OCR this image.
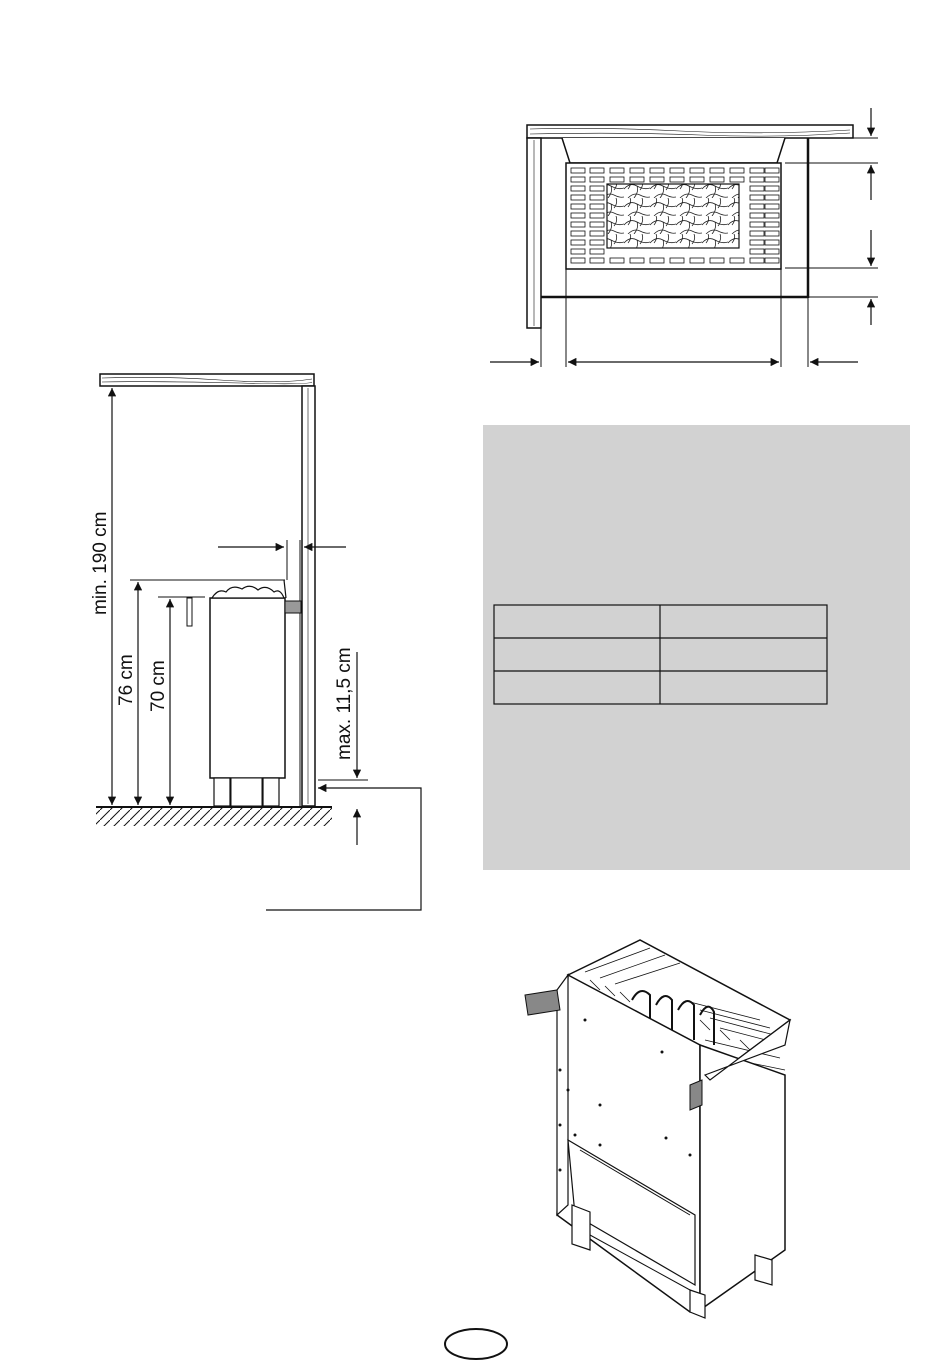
min. 190 cm
76 cm 70 cm	max. 11,5 cm
